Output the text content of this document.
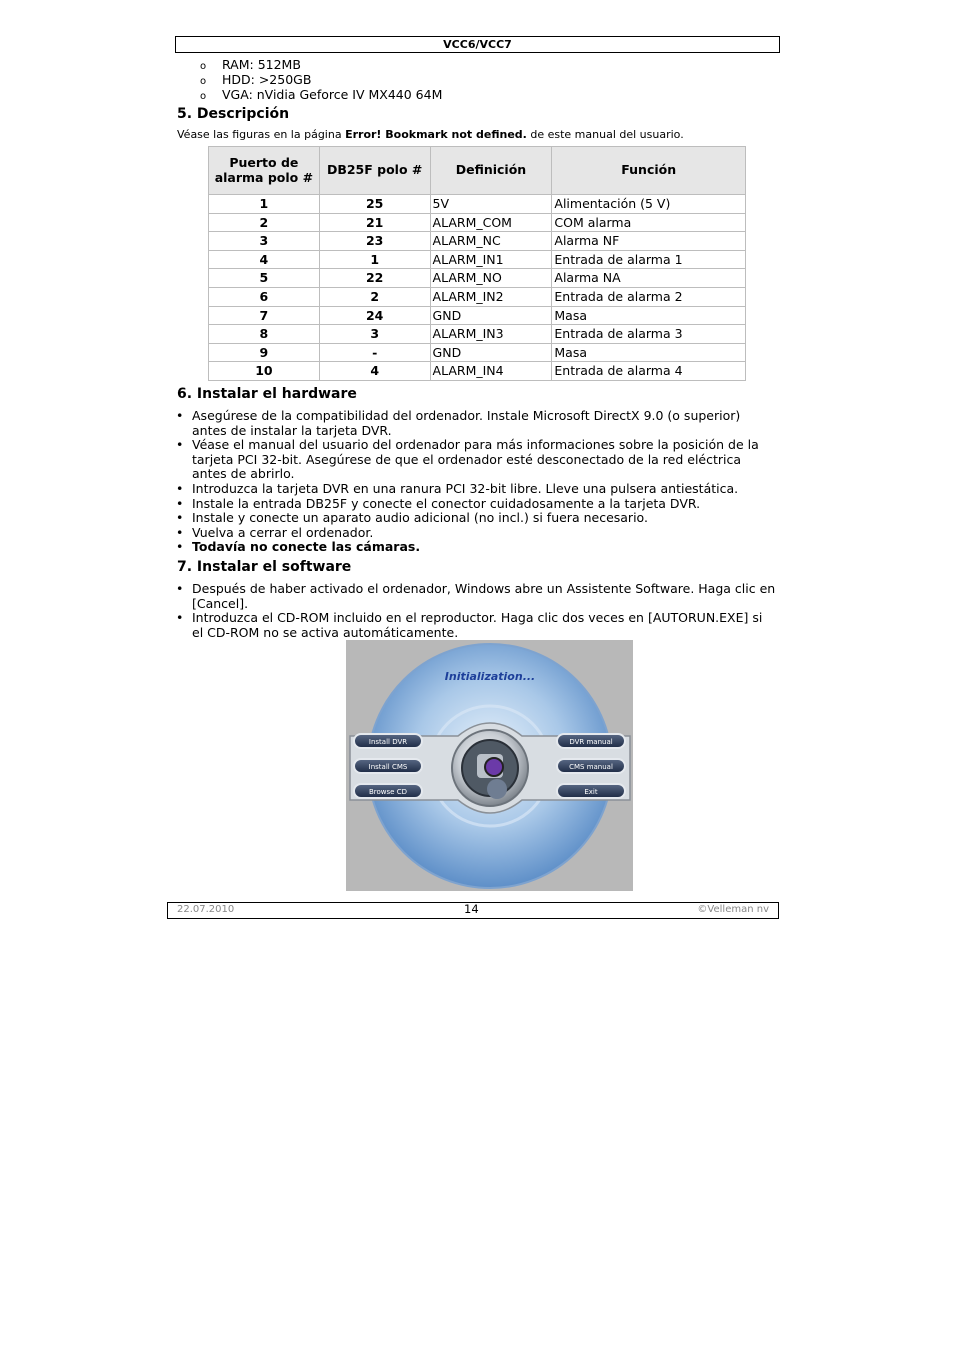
VCC6/VCC7
o RAM: 512MB
o HDD: >250GB
o VGA: nVidia Geforce IV MX440 64M
5. Descripción
Véase las figuras en la página Error! Bookmark not defined. de este manual del usuario.
Puerto de alarma polo #	DB25F polo #	Definición	Función
1	25	5V	Alimentación (5 V)
2	21	ALARM_COM	COM alarma
3	23	ALARM_NC	Alarma NF
4	1	ALARM_IN1	Entrada de alarma 1
5	22	ALARM_NO	Alarma NA
6	2	ALARM_IN2	Entrada de alarma 2
7	24	GND	Masa
8	3	ALARM_IN3	Entrada de alarma 3
9	-	GND	Masa
10	4	ALARM_IN4	Entrada de alarma 4
6. Instalar el hardware
• Asegúrese de la compatibilidad del ordenador. Instale Microsoft DirectX 9.0 (o superior) antes de instalar la tarjeta DVR.
• Véase el manual del usuario del ordenador para más informaciones sobre la posición de la tarjeta PCI 32-bit. Asegúrese de que el ordenador esté desconectado de la red eléctrica antes de abrirlo.
• Introduzca la tarjeta DVR en una ranura PCI 32-bit libre. Lleve una pulsera antiestática.
• Instale la entrada DB25F y conecte el conector cuidadosamente a la tarjeta DVR.
• Instale y conecte un aparato audio adicional (no incl.) si fuera necesario.
• Vuelva a cerrar el ordenador.
• Todavía no conecte las cámaras.
7. Instalar el software
• Después de haber activado el ordenador, Windows abre un Assistente Software. Haga clic en [Cancel].
• Introduzca el CD-ROM incluido en el reproductor. Haga clic dos veces en [AUTORUN.EXE] si el CD-ROM no se activa automáticamente.
Initialization...
Install DVR
Install CMS
Browse CD
DVR manual
CMS manual
Exit
22.07.2010	14	©Velleman nv
